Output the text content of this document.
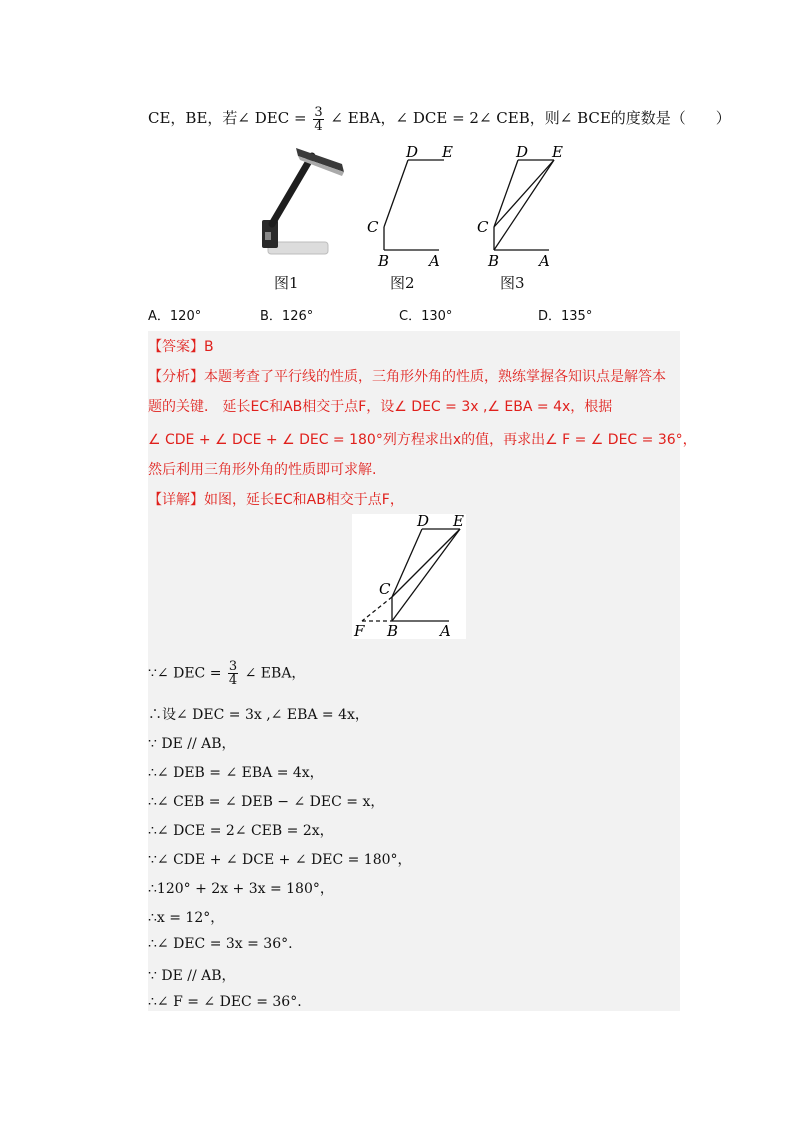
CE，BE，若∠ DEC = $\frac{3}{4}$ ∠ EBA，∠ DCE = 2∠ CEB，则∠ BCE的度数是（　　）
图1
D E
C
B	A
图2
D E
C
B	A
图3
A．120°	B．126°	C．130°	D．135°
【答案】B
【分析】本题考查了平行线的性质，三角形外角的性质，熟练掌握各知识点是解答本
题的关键． 延长EC和AB相交于点F，设∠ DEC = 3x ,∠ EBA = 4x，根据
∠ CDE + ∠ DCE + ∠ DEC = 180°列方程求出x的值，再求出∠ F = ∠ DEC = 36°，
然后利用三角形外角的性质即可求解.
【详解】如图，延长EC和AB相交于点F，
D E
C
B	A
F
∵∠ DEC = $\frac{3}{4}$ ∠ EBA，
∴设∠ DEC = 3x ,∠ EBA = 4x，
∵ DE // AB，
∴∠ DEB = ∠ EBA = 4x，
∴∠ CEB = ∠ DEB − ∠ DEC = x，
∴∠ DCE = 2∠ CEB = 2x，
∵∠ CDE + ∠ DCE + ∠ DEC = 180°，
∴120° + 2x + 3x = 180°，
∴x = 12°，
∴∠ DEC = 3x = 36°.
∵ DE // AB，
∴∠ F = ∠ DEC = 36°.
